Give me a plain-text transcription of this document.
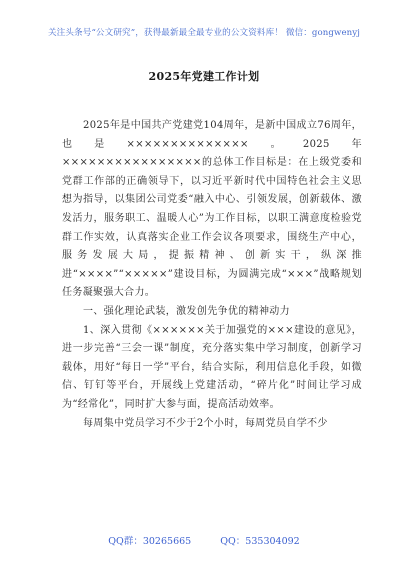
关注头条号“公文研究”，获得最新最全最专业的公文资料库！ 微信：gongwenyj
2025年党建工作计划

2025年是中国共产党建党104周年，是新中国成立76周年，也是××××××××××××××。2025年××××××××××××××××的总体工作目标是：在上级党委和党群工作部的正确领导下，以习近平新时代中国特色社会主义思想为指导，以集团公司党委“融入中心、引领发展，创新载体、激发活力，服务职工、温暖人心”为工作目标，以职工满意度检验党群工作实效，认真落实企业工作会议各项要求，围绕生产中心，服务发展大局，提振精神、创新实干，纵深推进“××××”“×××××”建设目标，为圆满完成“×××”战略规划任务凝聚强大合力。

一、强化理论武装，激发创先争优的精神动力

1、深入贯彻《××××××关于加强党的×××建设的意见》，进一步完善“三会一课”制度，充分落实集中学习制度，创新学习载体，用好“每日一学”平台，结合实际，利用信息化手段，如微信、钉钉等平台，开展线上党建活动，“碎片化”时间让学习成为“经常化”，同时扩大参与面，提高活动效率。

每周集中党员学习不少于2个小时，每周党员自学不少

QQ群：30265665	QQ：535304092
